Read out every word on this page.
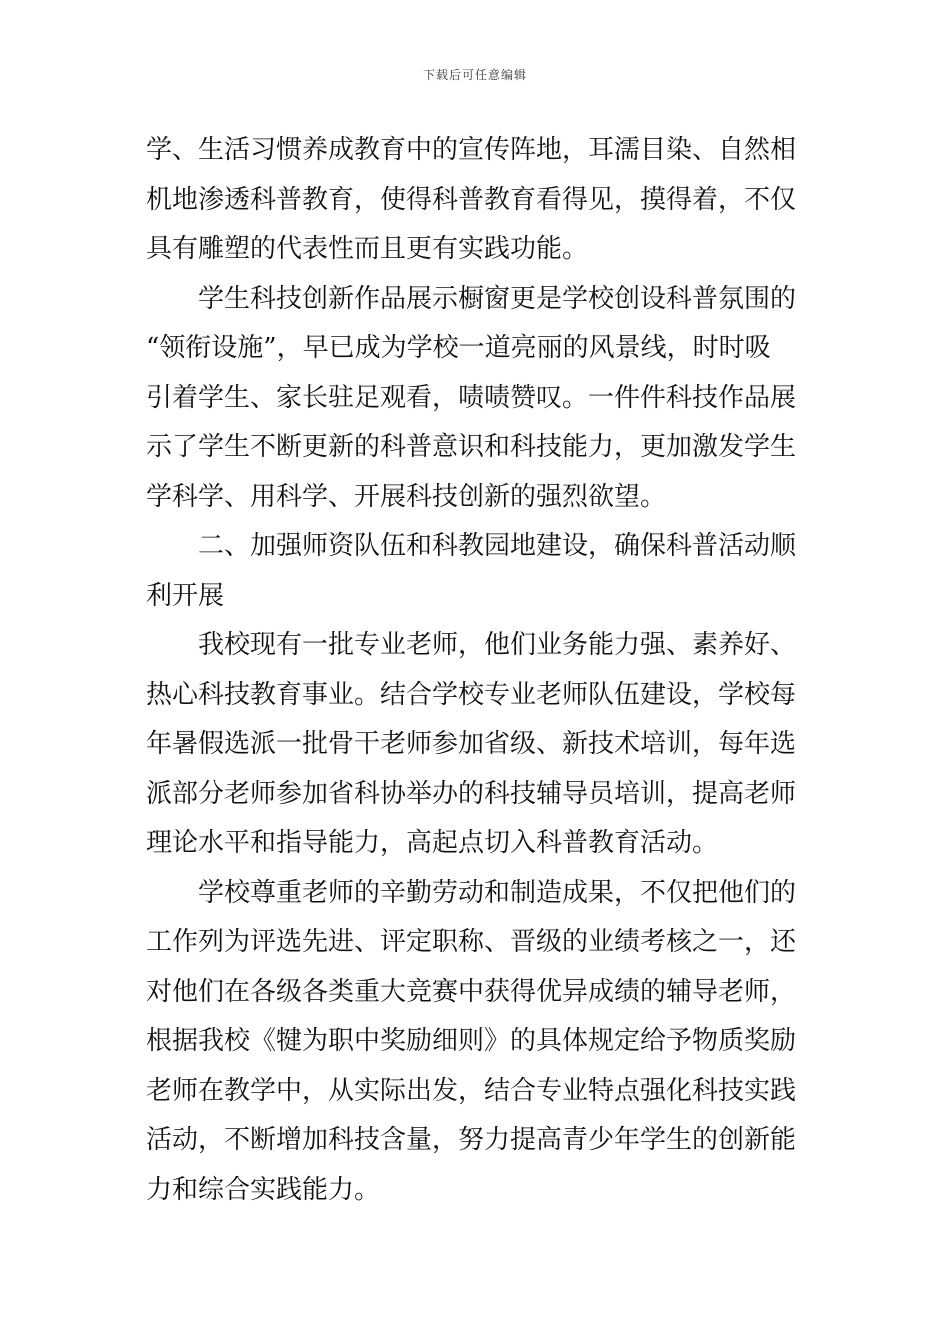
下载后可任意编辑
学、生活习惯养成教育中的宣传阵地，耳濡目染、自然相
机地渗透科普教育，使得科普教育看得见，摸得着，不仅
具有雕塑的代表性而且更有实践功能。
学生科技创新作品展示橱窗更是学校创设科普氛围的
“领衔设施”，早已成为学校一道亮丽的风景线，时时吸
引着学生、家长驻足观看，啧啧赞叹。一件件科技作品展
示了学生不断更新的科普意识和科技能力，更加激发学生
学科学、用科学、开展科技创新的强烈欲望。
二、加强师资队伍和科教园地建设，确保科普活动顺
利开展
我校现有一批专业老师，他们业务能力强、素养好、
热心科技教育事业。结合学校专业老师队伍建设，学校每
年暑假选派一批骨干老师参加省级、新技术培训，每年选
派部分老师参加省科协举办的科技辅导员培训，提高老师
理论水平和指导能力，高起点切入科普教育活动。
学校尊重老师的辛勤劳动和制造成果，不仅把他们的
工作列为评选先进、评定职称、晋级的业绩考核之一，还
对他们在各级各类重大竞赛中获得优异成绩的辅导老师，
根据我校《犍为职中奖励细则》的具体规定给予物质奖励
老师在教学中，从实际出发，结合专业特点强化科技实践
活动，不断增加科技含量，努力提高青少年学生的创新能
力和综合实践能力。
